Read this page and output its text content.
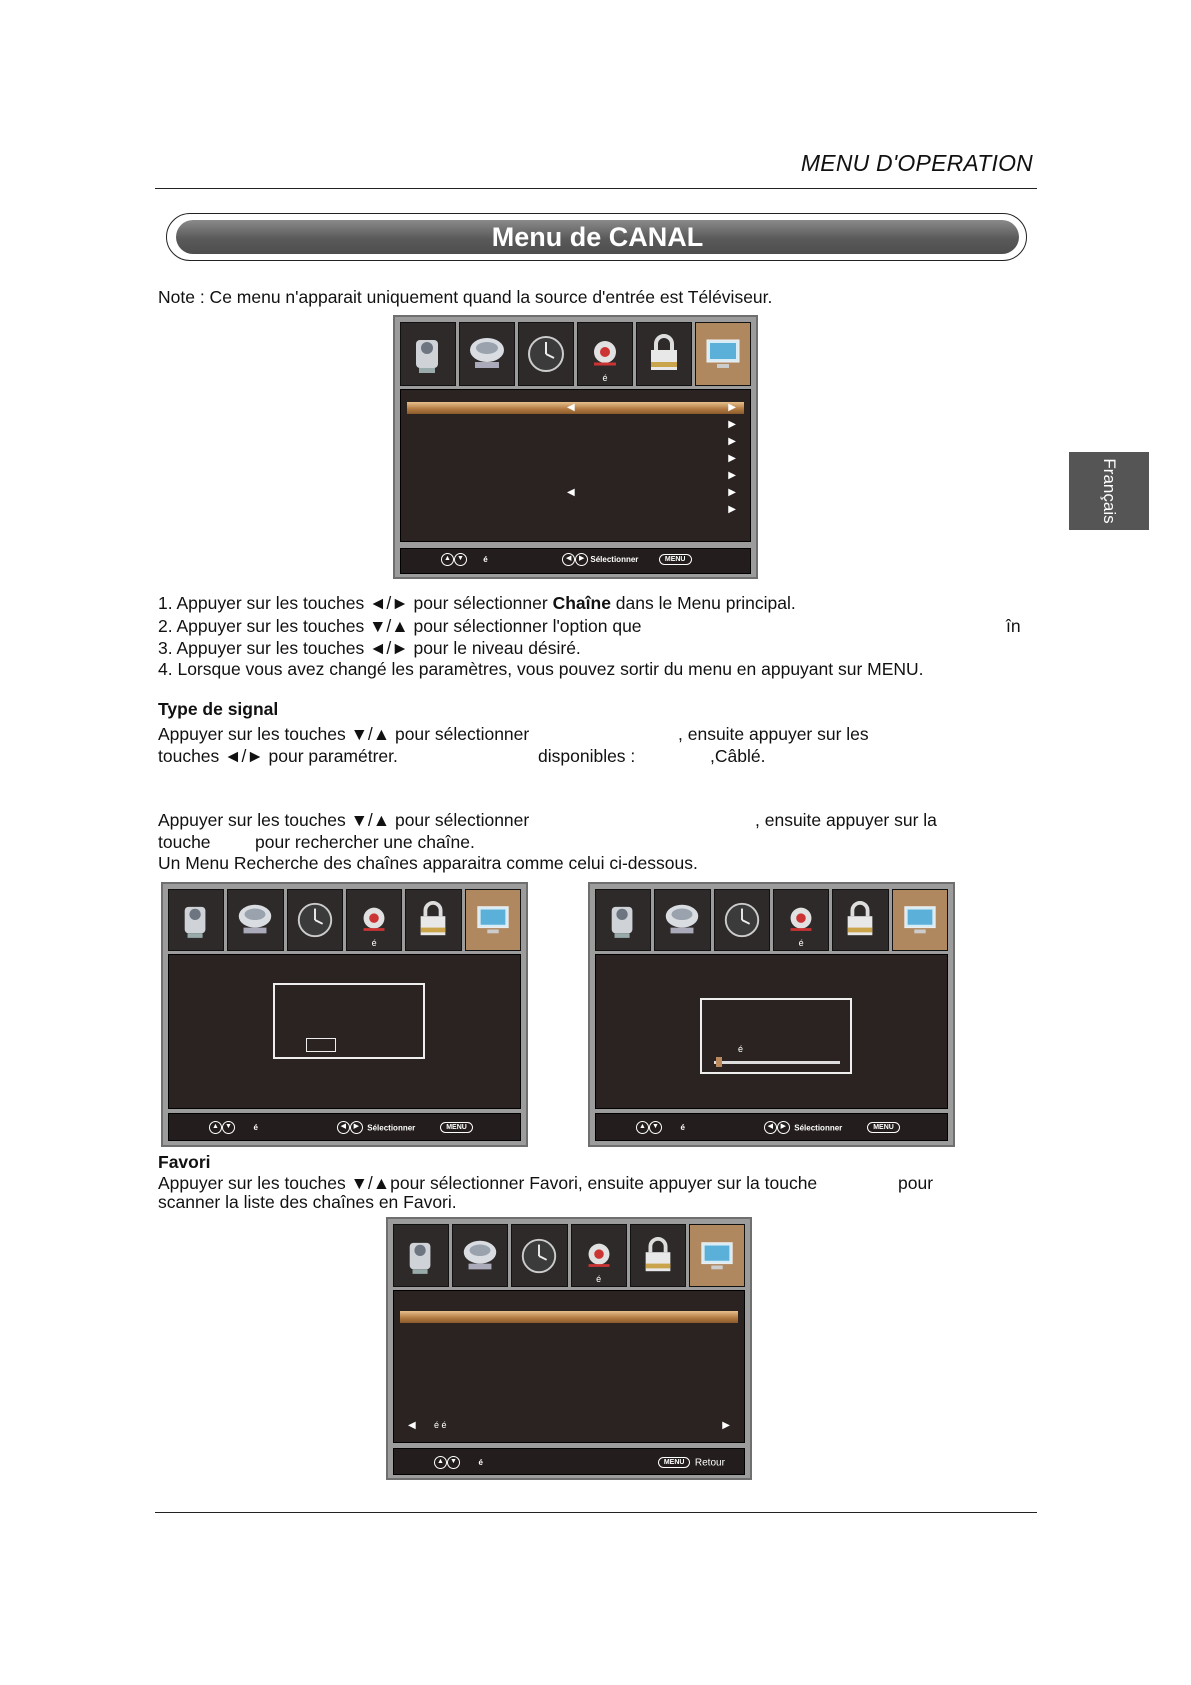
MENU D'OPERATION
Menu de CANAL
Note : Ce menu n'apparait uniquement quand la source d'entrée est Téléviseur.
Français
é
◀	▶
▶
▶
▶
▶
◀	▶
▶
▲ ▼ é	◀ ▶ Sélectionner	MENU
1. Appuyer sur les touches ◄/► pour sélectionner Chaîne dans le Menu principal.
2. Appuyer sur les touches ▼/▲ pour sélectionner l'option que	în
3. Appuyer sur les touches ◄/► pour le niveau désiré.
4. Lorsque vous avez changé les paramètres, vous pouvez sortir du menu en appuyant sur MENU.
Type de signal
Appuyer sur les touches ▼/▲ pour sélectionner	, ensuite appuyer sur les
touches ◄/► pour paramétrer.	disponibles :	,Câblé.
Appuyer sur les touches ▼/▲ pour sélectionner	, ensuite appuyer sur la
touche	pour rechercher une chaîne.
Un Menu Recherche des chaînes apparaitra comme celui ci-dessous.
é
▲ ▼	é	◀ ▶ Sélectionner	MENU
é
é
▲ ▼	é	◀ ▶ Sélectionner	MENU
Favori
Appuyer sur les touches ▼/▲pour sélectionner Favori, ensuite appuyer sur la touche	pour
scanner la liste des chaînes en Favori.
é
◀ é é	▶
▲ ▼	é	MENU Retour
